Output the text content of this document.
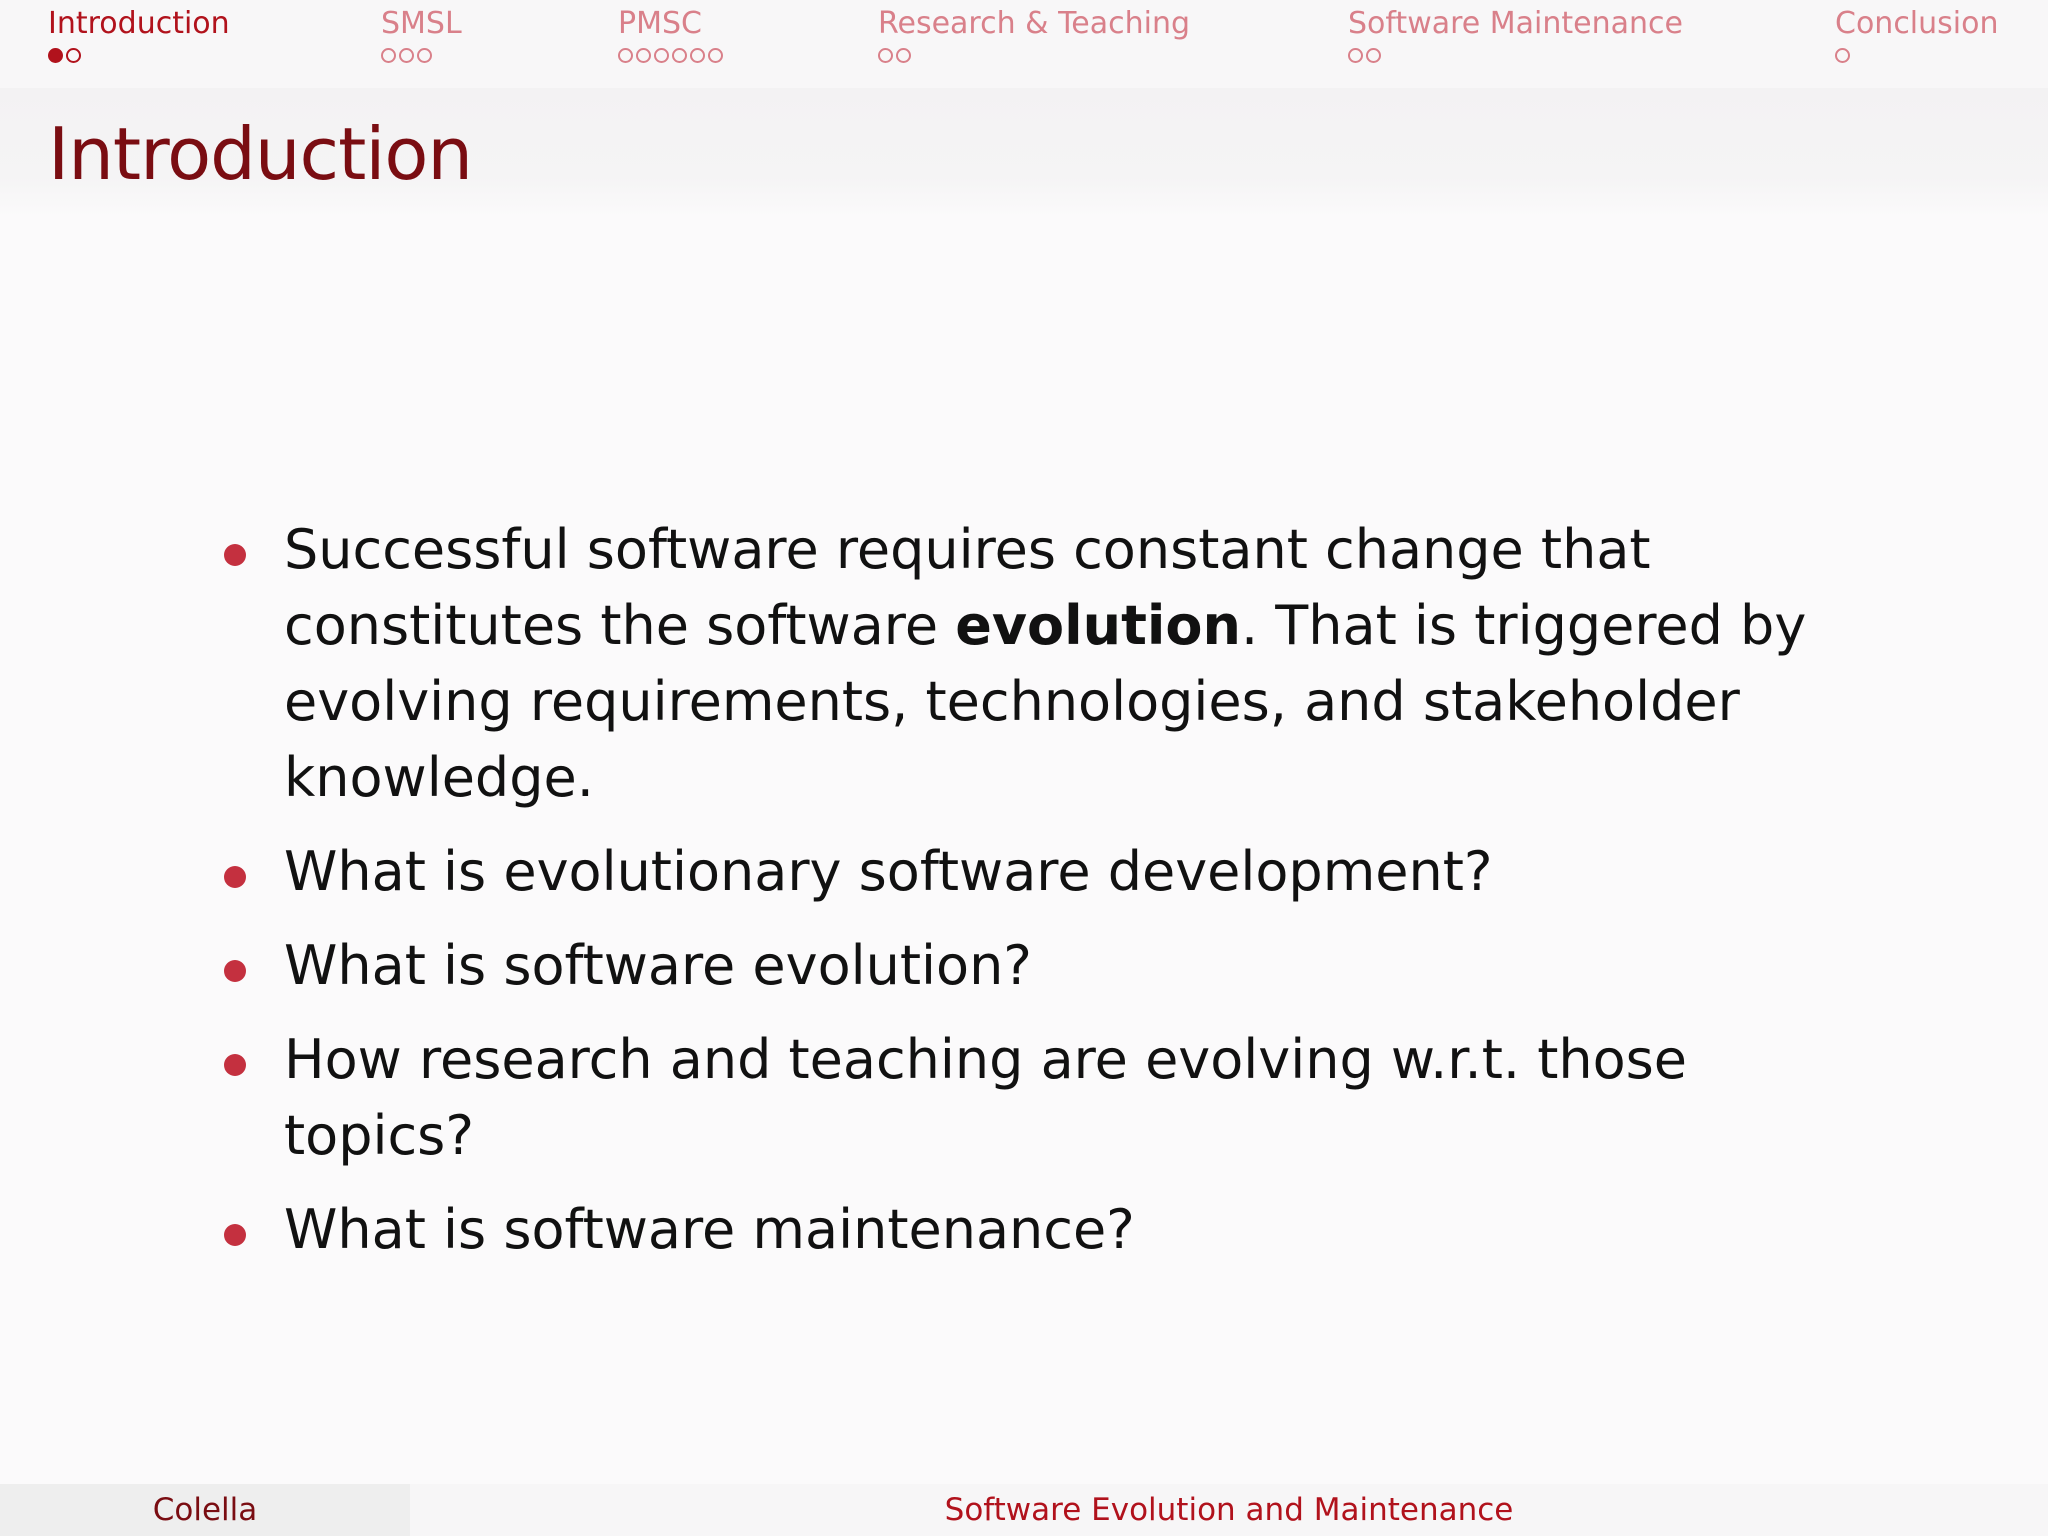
Introduction	SMSL	PMSC	Research & Teaching	Software Maintenance	Conclusion
Introduction
Successful software requires constant change that constitutes the software evolution. That is triggered by evolving requirements, technologies, and stakeholder knowledge.
What is evolutionary software development?
What is software evolution?
How research and teaching are evolving w.r.t. those topics?
What is software maintenance?
Colella	Software Evolution and Maintenance
